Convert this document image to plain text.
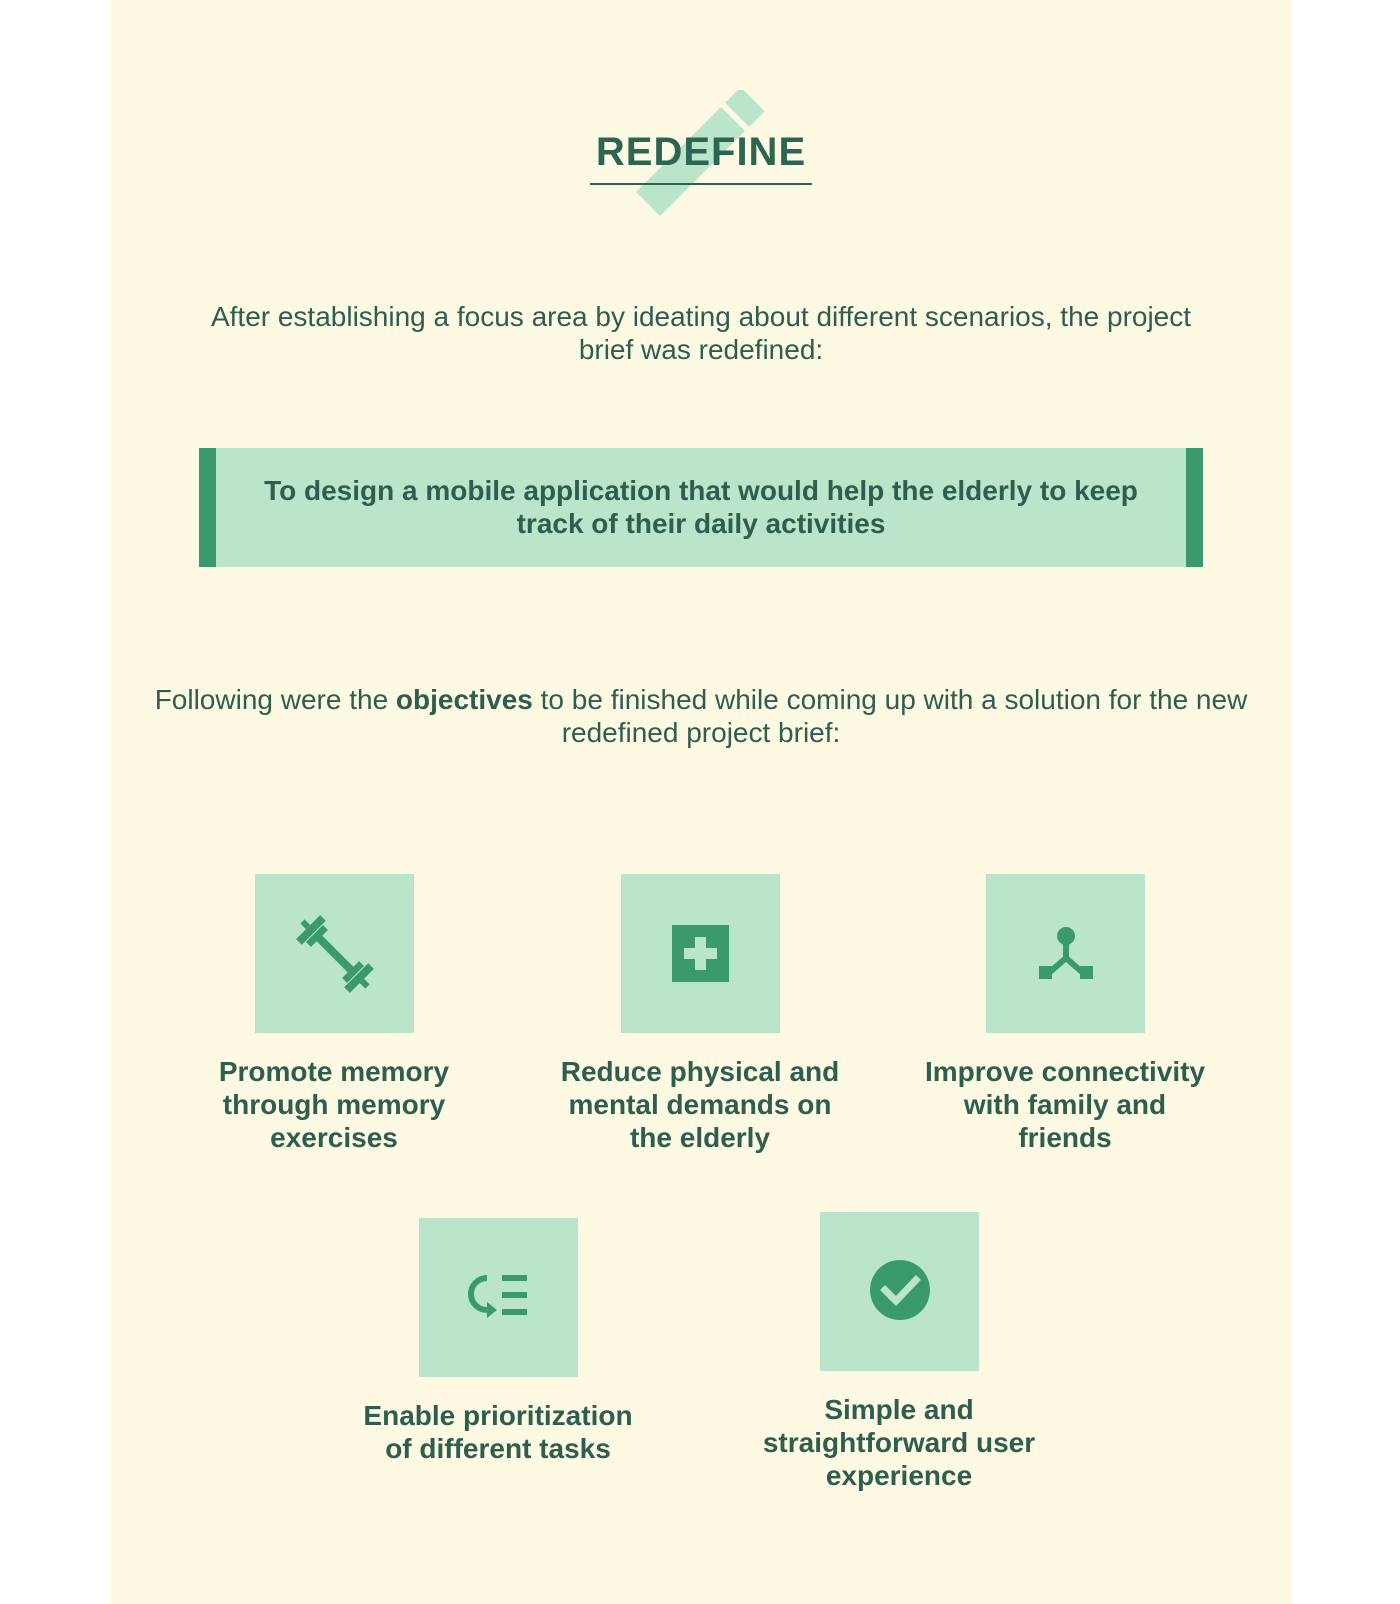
REDEFINE
After establishing a focus area by ideating about different scenarios, the project brief was redefined:
To design a mobile application that would help the elderly to keep track of their daily activities
Following were the objectives to be finished while coming up with a solution for the new redefined project brief:
Promote memory through memory exercises
Reduce physical and mental demands on the elderly
Improve connectivity with family and friends
Enable prioritization of different tasks
Simple and straightforward user experience
